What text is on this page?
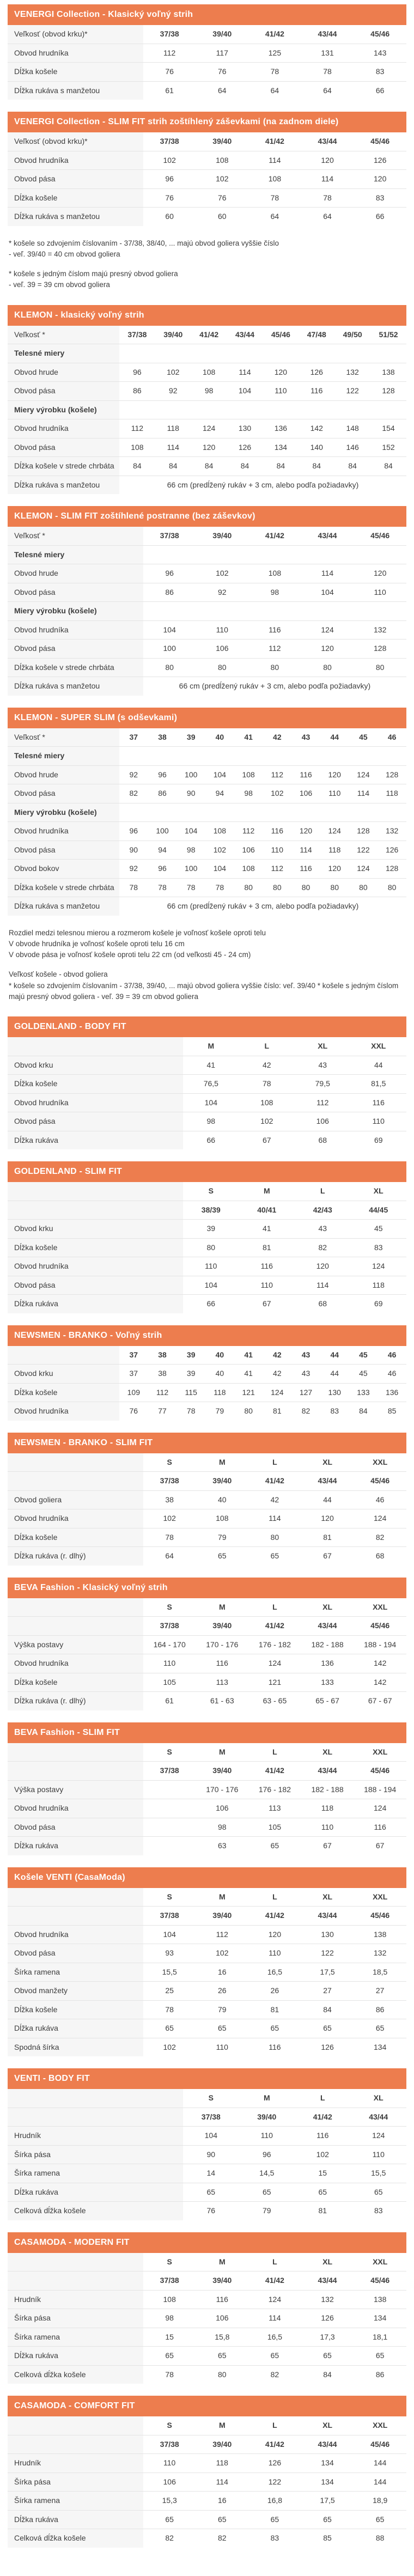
VENERGI Collection - Klasický voľný strih
Veľkosť (obvod krku)*	37/38	39/40	41/42	43/44	45/46
Obvod hrudníka	112	117	125	131	143
Dĺžka košele	76	76	78	78	83
Dĺžka rukáva s manžetou	61	64	64	64	66
VENERGI Collection - SLIM FIT strih zoštíhlený záševkami (na zadnom diele)
Veľkosť (obvod krku)*	37/38	39/40	41/42	43/44	45/46
Obvod hrudníka	102	108	114	120	126
Obvod pása	96	102	108	114	120
Dĺžka košele	76	76	78	78	83
Dĺžka rukáva s manžetou	60	60	64	64	66

* košele so zdvojením číslovaním - 37/38, 38/40, ... majú obvod goliera vyššie číslo
- veľ. 39/40 = 40 cm obvod goliera

* košele s jedným číslom majú presný obvod goliera
- veľ. 39 = 39 cm obvod goliera

KLEMON - klasický voľný strih
Veľkosť *	37/38	39/40	41/42	43/44	45/46	47/48	49/50	51/52
Telesné miery								
Obvod hrude	96	102	108	114	120	126	132	138
Obvod pása	86	92	98	104	110	116	122	128
Miery výrobku (košele)								
Obvod hrudníka	112	118	124	130	136	142	148	154
Obvod pása	108	114	120	126	134	140	146	152
Dĺžka košele v strede chrbáta	84	84	84	84	84	84	84	84
Dĺžka rukáva s manžetou	66 cm (predĺžený rukáv + 3 cm, alebo podľa požiadavky)							
KLEMON - SLIM FIT zoštíhlené postranne (bez záševkov)
Veľkosť *	37/38	39/40	41/42	43/44	45/46
Telesné miery					
Obvod hrude	96	102	108	114	120
Obvod pása	86	92	98	104	110
Miery výrobku (košele)					
Obvod hrudníka	104	110	116	124	132
Obvod pása	100	106	112	120	128
Dĺžka košele v strede chrbáta	80	80	80	80	80
Dĺžka rukáva s manžetou	66 cm (predĺžený rukáv + 3 cm, alebo podľa požiadavky)				
KLEMON - SUPER SLIM (s odševkami)
Veľkosť *	37	38	39	40	41	42	43	44	45	46
Telesné miery										
Obvod hrude	92	96	100	104	108	112	116	120	124	128
Obvod pása	82	86	90	94	98	102	106	110	114	118
Miery výrobku (košele)										
Obvod hrudníka	96	100	104	108	112	116	120	124	128	132
Obvod pása	90	94	98	102	106	110	114	118	122	126
Obvod bokov	92	96	100	104	108	112	116	120	124	128
Dĺžka košele v strede chrbáta	78	78	78	78	80	80	80	80	80	80
Dĺžka rukáva s manžetou	66 cm (predĺžený rukáv + 3 cm, alebo podľa požiadavky)									

Rozdiel medzi telesnou mierou a rozmerom košele je voľnosť košele oproti telu
V obvode hrudníka je voľnosť košele oproti telu 16 cm
V obvode pása je voľnosť košele oproti telu 22 cm (od veľkosti 45 - 24 cm)

Veľkosť košele - obvod goliera
* košele so zdvojením číslovaním - 37/38, 39/40, ... majú obvod goliera vyššie číslo: veľ. 39/40 * košele s jedným číslom majú presný obvod goliera - veľ. 39 = 39 cm obvod goliera

GOLDENLAND - BODY FIT
	M	L	XL	XXL
Obvod krku	41	42	43	44
Dĺžka košele	76,5	78	79,5	81,5
Obvod hrudníka	104	108	112	116
Obvod pása	98	102	106	110
Dĺžka rukáva	66	67	68	69
GOLDENLAND - SLIM FIT
	S	M	L	XL
	38/39	40/41	42/43	44/45
Obvod krku	39	41	43	45
Dĺžka košele	80	81	82	83
Obvod hrudníka	110	116	120	124
Obvod pása	104	110	114	118
Dĺžka rukáva	66	67	68	69
NEWSMEN - BRANKO - Voľný strih
	37	38	39	40	41	42	43	44	45	46
Obvod krku	37	38	39	40	41	42	43	44	45	46
Dĺžka košele	109	112	115	118	121	124	127	130	133	136
Obvod hrudníka	76	77	78	79	80	81	82	83	84	85
NEWSMEN - BRANKO - SLIM FIT
	S	M	L	XL	XXL
	37/38	39/40	41/42	43/44	45/46
Obvod goliera	38	40	42	44	46
Obvod hrudníka	102	108	114	120	124
Dĺžka košele	78	79	80	81	82
Dĺžka rukáva (r. dlhý)	64	65	65	67	68
BEVA Fashion - Klasický voľný strih
	S	M	L	XL	XXL
	37/38	39/40	41/42	43/44	45/46
Výška postavy	164 - 170	170 - 176	176 - 182	182 - 188	188 - 194
Obvod hrudníka	110	116	124	136	142
Dĺžka košele	105	113	121	133	142
Dĺžka rukáva (r. dlhý)	61	61 - 63	63 - 65	65 - 67	67 - 67
BEVA Fashion - SLIM FIT
	S	M	L	XL	XXL
	37/38	39/40	41/42	43/44	45/46
Výška postavy		170 - 176	176 - 182	182 - 188	188 - 194
Obvod hrudníka		106	113	118	124
Obvod pása		98	105	110	116
Dĺžka rukáva		63	65	67	67
Košele VENTI (CasaModa)
	S	M	L	XL	XXL
	37/38	39/40	41/42	43/44	45/46
Obvod hrudníka	104	112	120	130	138
Obvod pása	93	102	110	122	132
Šírka ramena	15,5	16	16,5	17,5	18,5
Obvod manžety	25	26	26	27	27
Dĺžka košele	78	79	81	84	86
Dĺžka rukáva	65	65	65	65	65
Spodná šírka	102	110	116	126	134
VENTI - BODY FIT
	S	M	L	XL
	37/38	39/40	41/42	43/44
Hrudník	104	110	116	124
Šírka pása	90	96	102	110
Šírka ramena	14	14,5	15	15,5
Dĺžka rukáva	65	65	65	65
Celková dĺžka košele	76	79	81	83
CASAMODA - MODERN FIT
	S	M	L	XL	XXL
	37/38	39/40	41/42	43/44	45/46
Hrudník	108	116	124	132	138
Šírka pása	98	106	114	126	134
Šírka ramena	15	15,8	16,5	17,3	18,1
Dĺžka rukáva	65	65	65	65	65
Celková dĺžka košele	78	80	82	84	86
CASAMODA - COMFORT FIT
	S	M	L	XL	XXL
	37/38	39/40	41/42	43/44	45/46
Hrudník	110	118	126	134	144
Šírka pása	106	114	122	134	144
Šírka ramena	15,3	16	16,8	17,5	18,9
Dĺžka rukáva	65	65	65	65	65
Celková dĺžka košele	82	82	83	85	88
